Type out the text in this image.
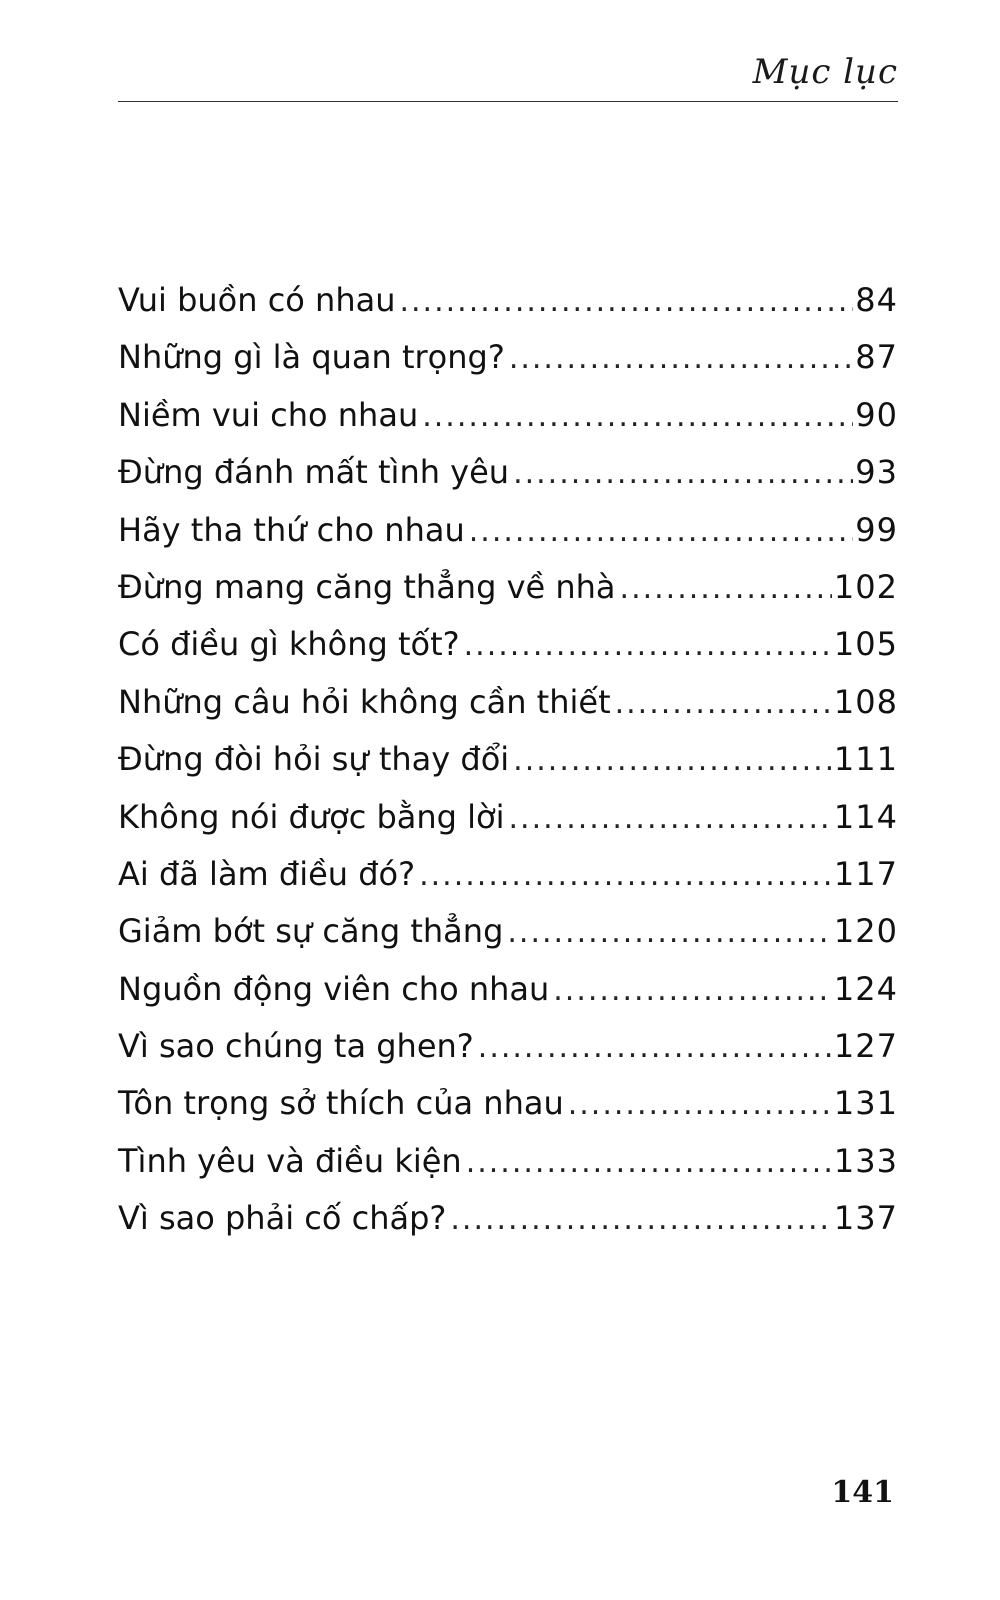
Mục lục
Vui buồn có nhau .....	84
Những gì là quan trọng? .....	87
Niềm vui cho nhau .....	90
Đừng đánh mất tình yêu .....	93
Hãy tha thứ cho nhau .....	99
Đừng mang căng thẳng về nhà .....	102
Có điều gì không tốt? .....	105
Những câu hỏi không cần thiết .....	108
Đừng đòi hỏi sự thay đổi .....	111
Không nói được bằng lời .....	114
Ai đã làm điều đó? .....	117
Giảm bớt sự căng thẳng .....	120
Nguồn động viên cho nhau .....	124
Vì sao chúng ta ghen? .....	127
Tôn trọng sở thích của nhau .....	131
Tình yêu và điều kiện .....	133
Vì sao phải cố chấp? .....	137
141
